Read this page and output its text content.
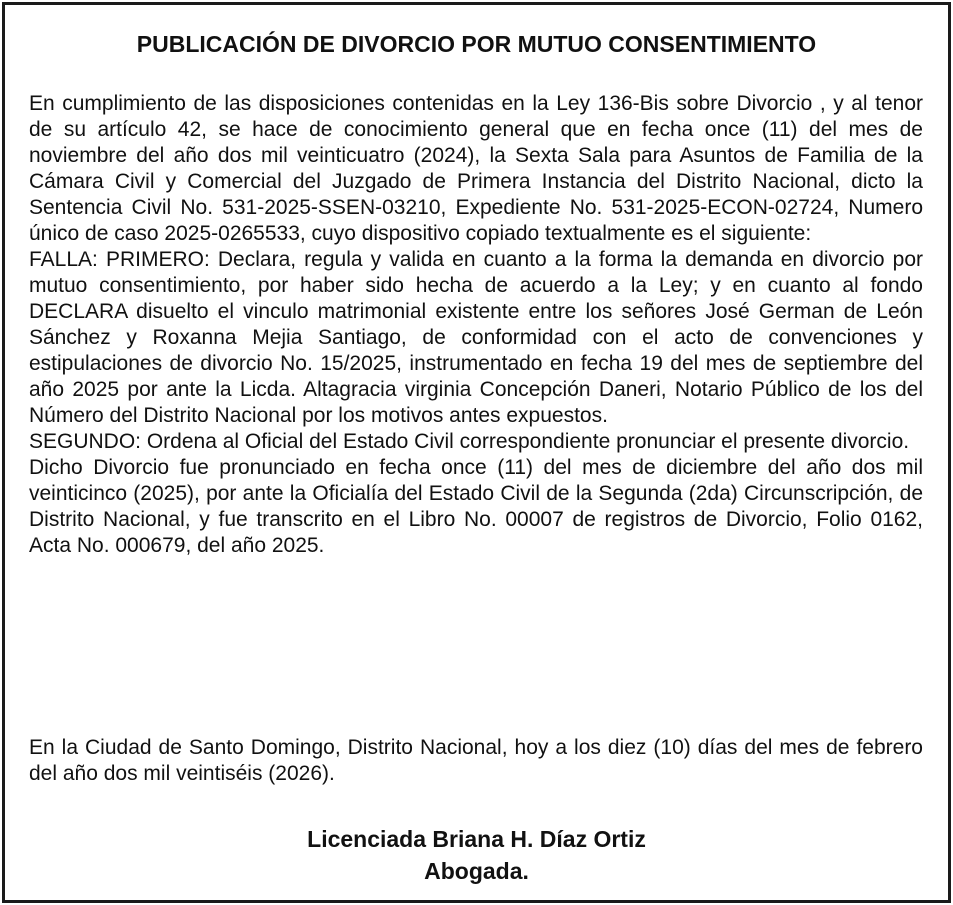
PUBLICACIÓN DE DIVORCIO POR MUTUO CONSENTIMIENTO

En cumplimiento de las disposiciones contenidas en la Ley 136-Bis sobre Divorcio , y al tenor de su artículo 42, se hace de conocimiento general que en fecha once (11) del mes de noviembre del año dos mil veinticuatro (2024), la Sexta Sala para Asuntos de Familia de la Cámara Civil y Comercial del Juzgado de Primera Instancia del Distrito Nacional, dicto la Sentencia Civil No. 531-2025-SSEN-03210, Expediente No. 531-2025-ECON-02724, Numero único de caso 2025-0265533, cuyo dispositivo copiado textualmente es el siguiente:

FALLA: PRIMERO: Declara, regula y valida en cuanto a la forma la demanda en divorcio por mutuo consentimiento, por haber sido hecha de acuerdo a la Ley; y en cuanto al fondo DECLARA disuelto el vinculo matrimonial existente entre los señores José German de León Sánchez y Roxanna Mejia Santiago, de conformidad con el acto de convenciones y estipulaciones de divorcio No. 15/2025, instrumentado en fecha 19 del mes de septiembre del año 2025 por ante la Licda. Altagracia virginia Concepción Daneri, Notario Público de los del Número del Distrito Nacional por los motivos antes expuestos.

SEGUNDO: Ordena al Oficial del Estado Civil correspondiente pronunciar el presente divorcio.

Dicho Divorcio fue pronunciado en fecha once (11) del mes de diciembre del año dos mil veinticinco (2025), por ante la Oficialía del Estado Civil de la Segunda (2da) Circunscripción, de Distrito Nacional, y fue transcrito en el Libro No. 00007 de registros de Divorcio, Folio 0162, Acta No. 000679, del año 2025.

En la Ciudad de Santo Domingo, Distrito Nacional, hoy a los diez (10) días del mes de febrero del año dos mil veintiséis (2026).

Licenciada Briana H. Díaz Ortiz
Abogada.
